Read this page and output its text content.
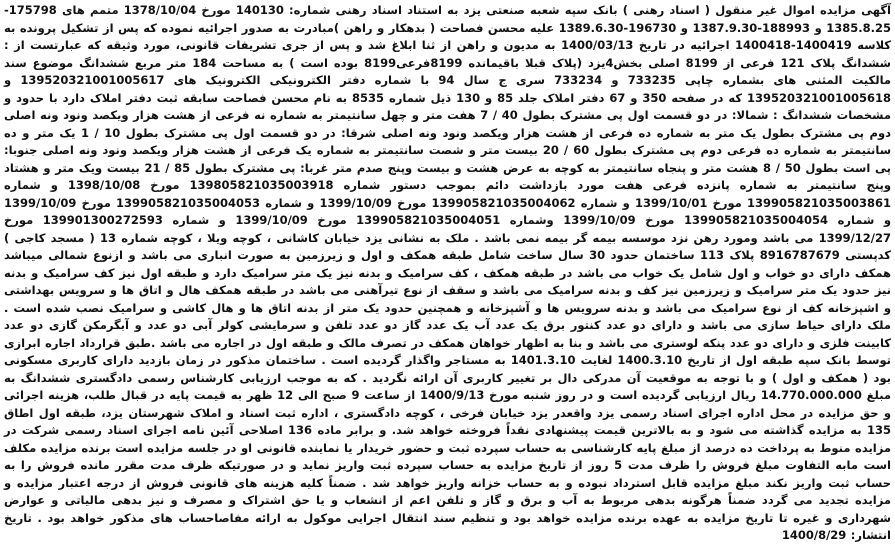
آگهی مزایده اموال غیر منقول ( اسناد رهنی ) بانک سپه شعبه صنعتی یزد به استناد اسناد رهنی شماره: 140130 مورخ 1378/10/04 متمم های 175798-1385.8.25 و 188993-1387.9.30 و 196730-1389.6.30 علیه محسن فصاحت ( بدهکار و راهن )مبادرت به صدور اجرائیه نموده که پس از تشکیل پرونده به کلاسه 1400419-1400418 اجرائیه در تاریخ 1400/03/13 به مدیون و راهن از ثنا ابلاغ شد و پس از جری تشریفات قانونی، مورد وثیقه که عبارتست از : ششدانگ پلاک 121 فرعی از 8199 اصلی بخش4یزد (پلاک قبلا باقیمانده 8199فرعی8199 بوده است ) به مساحت 184 متر مربع ششدانگ موضوع سند مالکیت المثنی های بشماره چاپی 733235 و 733234 سری ج سال 94 با شماره دفتر الکترونیکی الکترونیک های 139520321001005617 و 139520321001005618 که در صفحه 350 و 67 دفتر املاک جلد 85 و 130 ذیل شماره 8535 به نام محسن فصاحت سابقه ثبت دفتر املاک دارد با حدود و مشخصات ششدانگ : شمالا: در دو قسمت اول پی مشترک بطول 40 / 7 هفت متر و چهل سانتیمتر به شماره نه فرعی از هشت هزار ویکصد ونود ونه اصلی دوم پی مشترک بطول یک متر به شماره ده فرعی از هشت هزار ویکصد ونود ونه اصلی شرقا: در دو قسمت اول پی مشترک بطول 10 / 1 یک متر و ده سانتیمتر به شماره ده فرعی دوم پی مشترک بطول 60 / 20 بیست متر و شصت سانتیمتر به شماره یک فرعی از هشت هزار ویکصد ونود ونه اصلی جنوبا: پی است بطول 50 / 8 هشت متر و پنجاه سانتیمتر به کوچه به عرض هشت و بیست وپنج صدم متر غربا: پی مشترک بطول 85 / 21 بیست ویک متر و هشتاد وپنج سانتیمتر به شماره پانزده فرعی هفت مورد بازداشت دائم بموجب دستور شماره 139805821035003918 مورخ 1398/10/08 و شماره 139905821035003861 مورخ 1399/10/01 و شماره 139905821035004062 مورخ 1399/10/09 و شماره 139905821035004053 مورخ 1399/10/09 و شماره 139905821035004054 مورخ 1399/10/09 وشماره 139905821035004051 مورخ 1399/10/09 و شماره 139901300272593 مورخ 1399/12/27 می باشد ومورد رهن نزد موسسه بیمه گر بیمه نمی باشد . ملک به نشانی یزد خیابان کاشانی ، کوچه ویلا ، کوچه شماره 13 ( مسجد کاجی ) کدپستی 8916787679 پلاک 113 ساختمان حدود 30 سال ساخت شامل طبقه همکف و اول و زیرزمین به صورت انباری می باشد و ازنوع شمالی میباشد همکف دارای دو خواب و اول شامل یک خواب می باشد در طبقه همکف ، کف سرامیک و بدنه نیز یک متر سرامیک دارد و طبقه اول نیز کف سرامیک و بدنه نیز حدود یک متر سرامیک و زیرزمین نیز کف و بدنه سرامیک می باشد و سقف از نوع تیرآهنی می باشد در طبقه همکف هال و اتاق ها و سرویس بهداشتی و اشپزخانه کف از نوع سرامیک می باشد و بدنه سرویس ها و آشپزخانه و همچنین حدود یک متر از بدنه اتاق ها و هال کاشی و سرامیک نصب شده است . ملک دارای حیاط سازی می باشد و دارای دو عدد کنتور برق یک عدد آب یک عدد گاز دو عدد تلفن و سرمایشی کولر آبی دو عدد و آبگرمکن گازی دو عدد کابینت فلزی و دارای دو عدد پنکه لوستری می باشد و بنا به اظهار خواهان همکف در تصرف مالک و طبقه اول در اجاره می باشد .طبق قرارداد اجاره ابرازی توسط بانک سپه طبقه اول از تاریخ 1400.3.10 لغایت 1401.3.10 به مستاجر واگذار گردیده است . ساختمان مذکور در زمان بازدید دارای کاربری مسکونی بود ( همکف و اول ) و با توجه به موقعیت آن مدرکی دال بر تغییر کاربری آن ارائه نگردید . که به موجب ارزیابی کارشناس رسمی دادگستری ششدانگ به مبلغ 14.770.000.000 ریال ارزیابی گردیده است و در روز شنبه مورخ 1400/9/13 از ساعت 9 صبح الی 12 ظهر به قیمت پایه در قبال طلب، هزینه اجرائی و حق مزایده در محل اداره اجرای اسناد رسمی یزد واقعدر یزد خیابان فرخی ، کوچه دادگستری ، اداره ثبت اسناد و املاک شهرستان یزد، طبقه اول اطاق 135 به مزایده گذاشته می شود و به بالاترین قیمت پیشنهادی نقداً فروخته خواهد شد. و برابر ماده 136 اصلاحی آئین نامه اجرای اسناد رسمی شرکت در مزایده منوط به پرداخت ده درصد از مبلغ پایه کارشناسی به حساب سپرده ثبت و حضور خریدار یا نماینده قانونی او در جلسه مزایده است برنده مزایده مکلف است مابه التفاوت مبلغ فروش را ظرف مدت 5 روز از تاریخ مزایده به حساب سپرده ثبت واریز نماید و در صورتیکه ظرف مدت مقرر مانده فروش را به حساب ثبت واریز نکند مبلغ مزایده قابل استرداد نبوده و به حساب خزانه واریز خواهد شد . ضمناً کلیه هزینه های قانونی فروش از درجه اعتبار مزایده و مزایده تجدید می گردد ضمناً هرگونه بدهی مربوط به آب و برق و گاز و تلفن اعم از انشعاب و یا حق اشتراک و مصرف و نیز بدهی مالیاتی و عوارض شهرداری و غیره تا تاریخ مزایده به عهده برنده مزایده خواهد بود و تنظیم سند انتقال اجرایی موکول به ارائه مفاصاحساب های مذکور خواهد بود . تاریخ انتشار: 1400/8/29
